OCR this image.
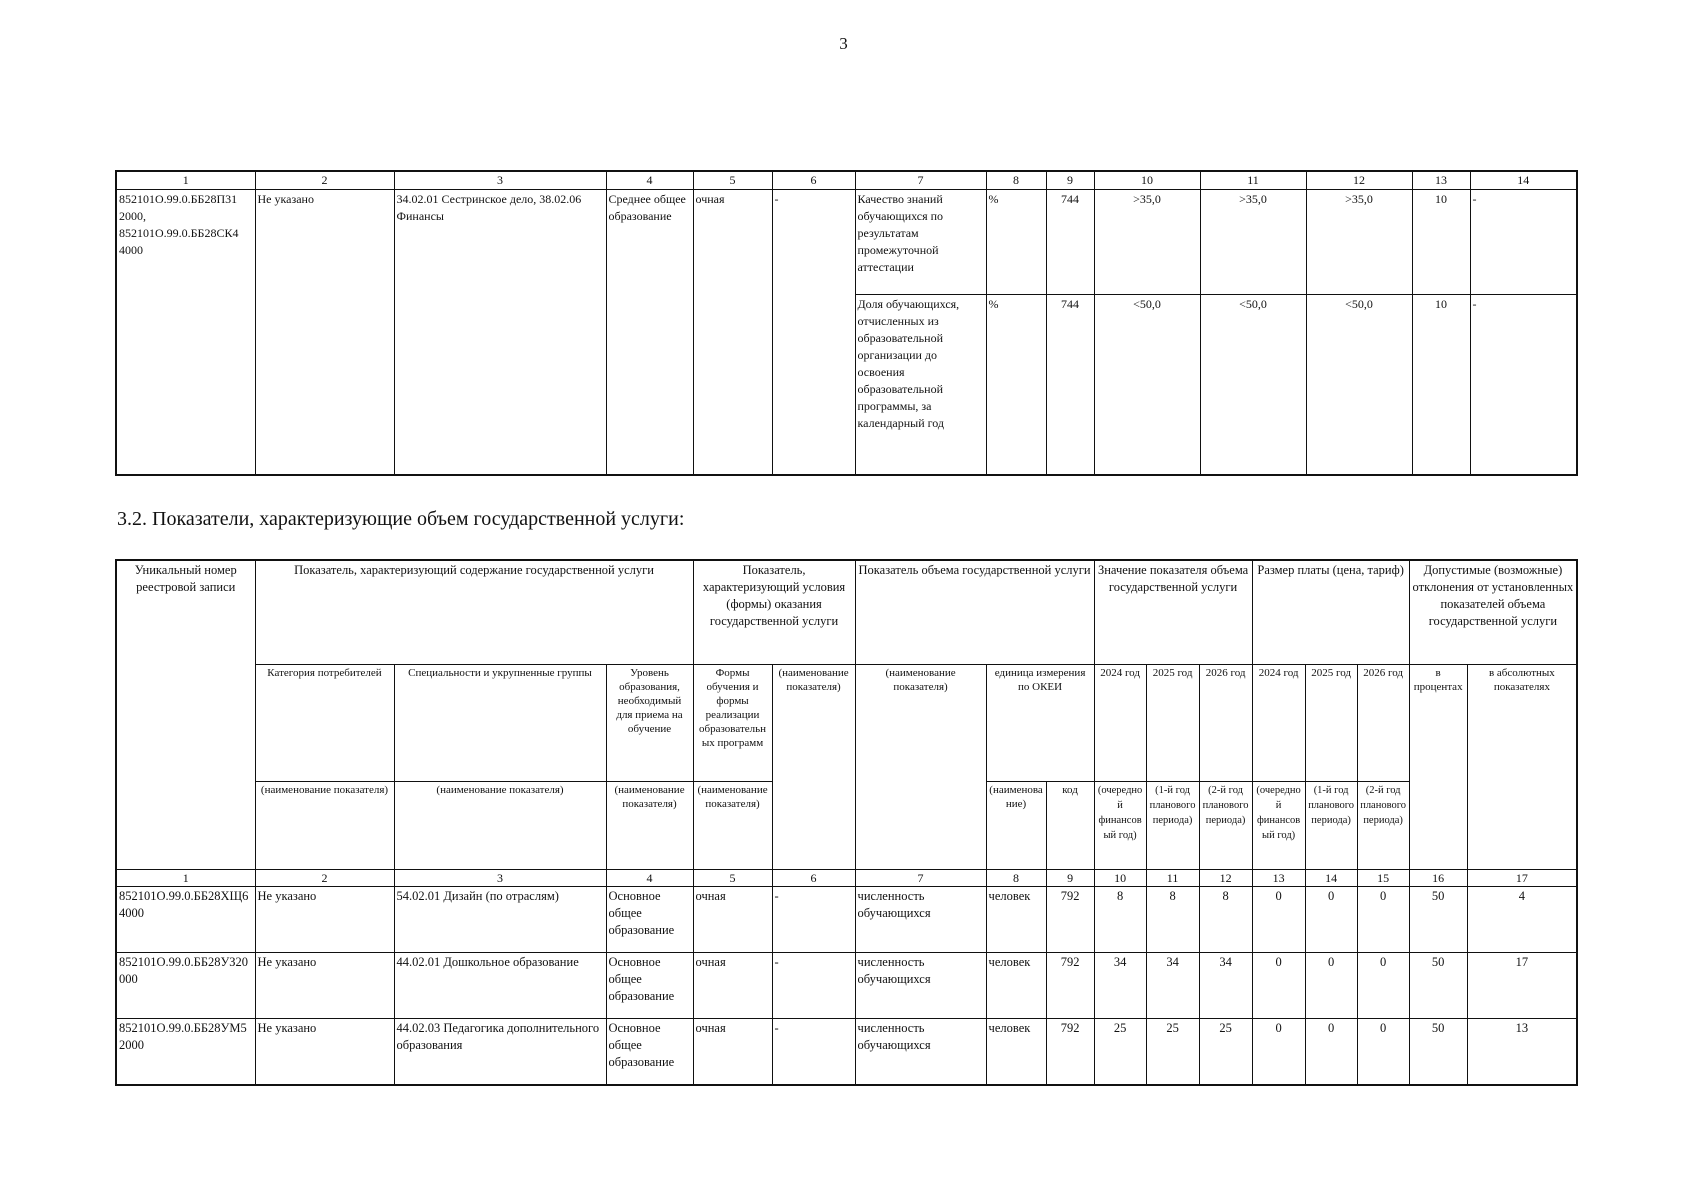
3
1	2	3	4	5	6	7	8	9	10	11	12	13	14
852101О.99.0.ББ28П31 2000, 852101О.99.0.ББ28СК4 4000	Не указано	34.02.01 Сестринское дело, 38.02.06 Финансы	Среднее общее образование	очная	-	Качество знаний обучающихся по результатам промежуточной аттестации	%	744	>35,0	>35,0	>35,0	10	-
						Доля обучающихся, отчисленных из образовательной организации до освоения образовательной программы, за календарный год	%	744	<50,0	<50,0	<50,0	10	-
3.2. Показатели, характеризующие объем государственной услуги:
Уникальный номер реестровой записи	Показатель, характеризующий содержание государственной услуги			Показатель, характеризующий условия (формы) оказания государственной услуги		Показатель объема государственной услуги			Значение показателя объема государственной услуги			Размер платы (цена, тариф)			Допустимые (возможные) отклонения от установленных показателей объема государственной услуги	
	Категория потребителей	Специальности и укрупненные группы	Уровень образования, необходимый для приема на обучение	Формы обучения и формы реализации образовательных программ	(наименование показателя)	(наименование показателя)	единица измерения по ОКЕИ		2024 год	2025 год	2026 год	2024 год	2025 год	2026 год	в процентах	в абсолютных показателях
	(наименование показателя)	(наименование показателя)	(наименование показателя)	(наименование показателя)			(наименование)	код	(очередной финансовый год)	(1-й год планового периода)	(2-й год планового периода)	(очередной финансовый год)	(1-й год планового периода)	(2-й год планового периода)		
1	2	3	4	5	6	7	8	9	10	11	12	13	14	15	16	17
852101О.99.0.ББ28ХЩ64000	Не указано	54.02.01 Дизайн (по отраслям)	Основное общее образование	очная	-	численность обучающихся	человек	792	8	8	8	0	0	0	50	4
852101О.99.0.ББ28УЗ20000	Не указано	44.02.01 Дошкольное образование	Основное общее образование	очная	-	численность обучающихся	человек	792	34	34	34	0	0	0	50	17
852101О.99.0.ББ28УМ52000	Не указано	44.02.03 Педагогика дополнительного образования	Основное общее образование	очная	-	численность обучающихся	человек	792	25	25	25	0	0	0	50	13
